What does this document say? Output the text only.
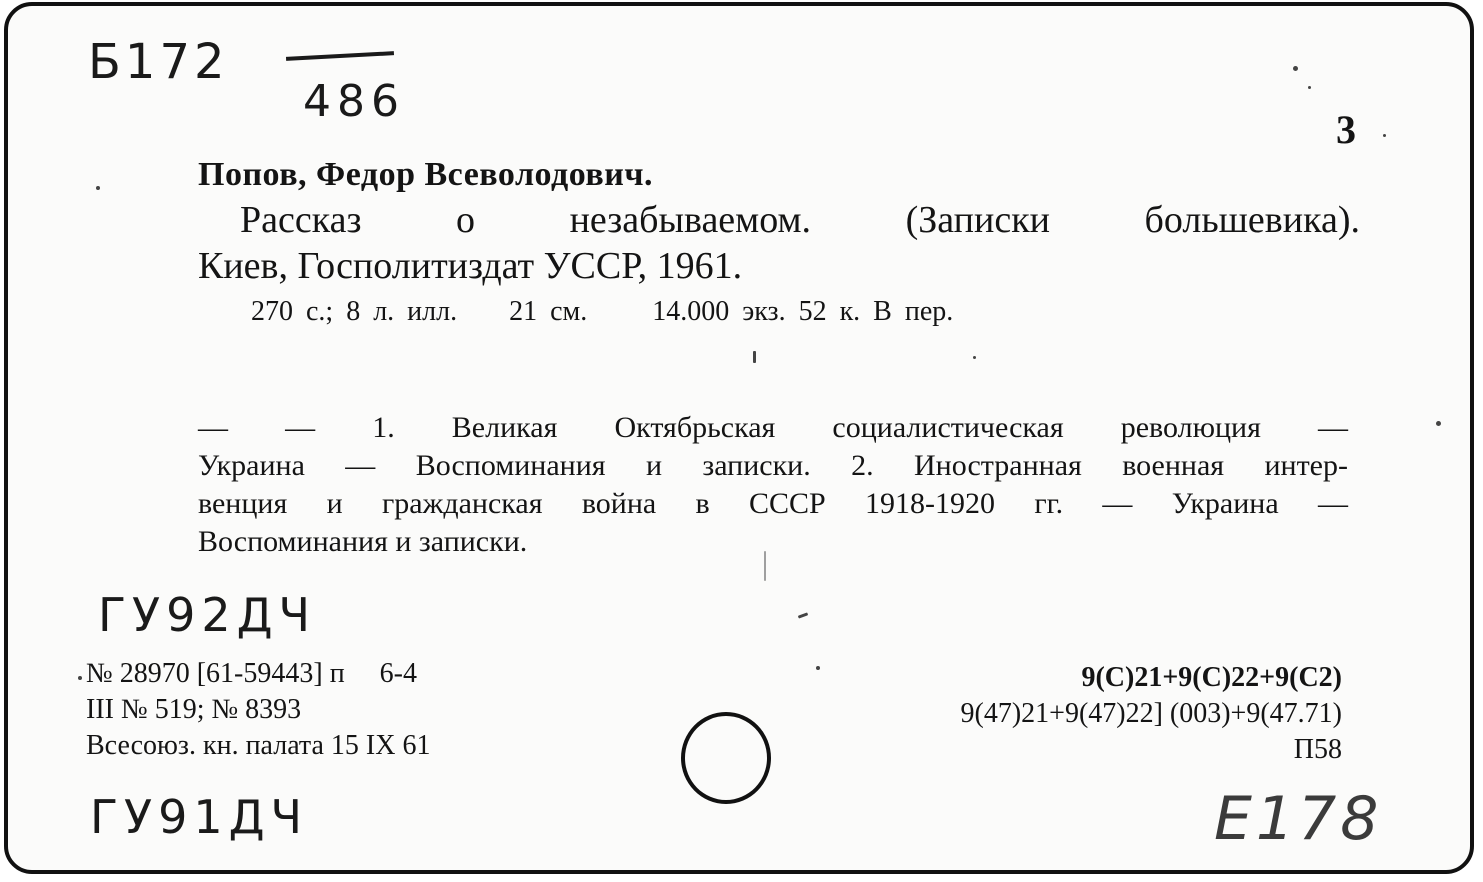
Б172
486
3
Попов, Федор Всеволодович.
Рассказ о незабываемом. (Записки большевика).
Киев, Госполитиздат УССР, 1961.
270 с.; 8 л. илл.    21 см.     14.000 экз. 52 к. В пер.
— — 1. Великая Октябрьская социалистическая революция —
Украина — Воспоминания и записки. 2. Иностранная военная интер-
венция и гражданская война в СССР 1918-1920 гг. — Украина —
Воспоминания и записки.
ГУ92ДЧ
№ 28970 [61-59443] п     6-4
III № 519; № 8393
Всесоюз. кн. палата 15 IX 61
9(С)21+9(С)22+9(С2)
9(47)21+9(47)22] (003)+9(47.71)
П58
ГУ91ДЧ	Е178
